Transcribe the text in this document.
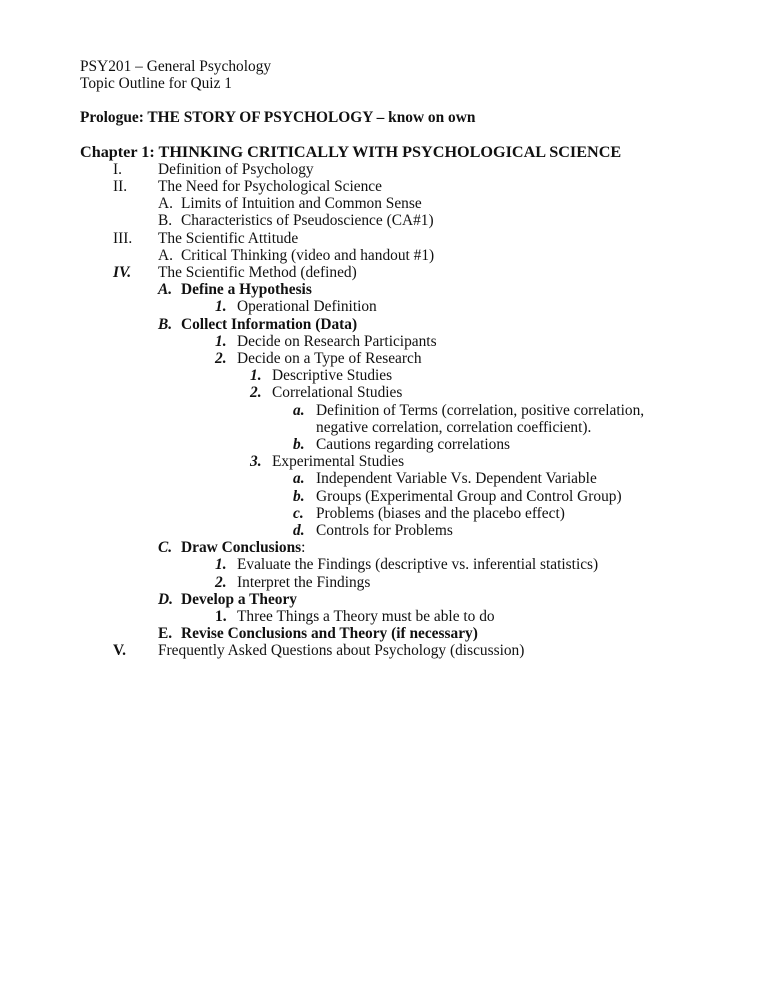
PSY201 – General Psychology
Topic Outline for Quiz 1
Prologue: THE STORY OF PSYCHOLOGY – know on own
Chapter 1: THINKING CRITICALLY WITH PSYCHOLOGICAL SCIENCE
I. Definition of Psychology
II. The Need for Psychological Science
A. Limits of Intuition and Common Sense
B. Characteristics of Pseudoscience (CA#1)
III. The Scientific Attitude
A. Critical Thinking (video and handout #1)
IV. The Scientific Method (defined)
A. Define a Hypothesis
1. Operational Definition
B. Collect Information (Data)
1. Decide on Research Participants
2. Decide on a Type of Research
1. Descriptive Studies
2. Correlational Studies
a. Definition of Terms (correlation, positive correlation,
negative correlation, correlation coefficient).
b. Cautions regarding correlations
3. Experimental Studies
a. Independent Variable Vs. Dependent Variable
b. Groups (Experimental Group and Control Group)
c. Problems (biases and the placebo effect)
d. Controls for Problems
C. Draw Conclusions:
1. Evaluate the Findings (descriptive vs. inferential statistics)
2. Interpret the Findings
D. Develop a Theory
1. Three Things a Theory must be able to do
E. Revise Conclusions and Theory (if necessary)
V. Frequently Asked Questions about Psychology (discussion)
